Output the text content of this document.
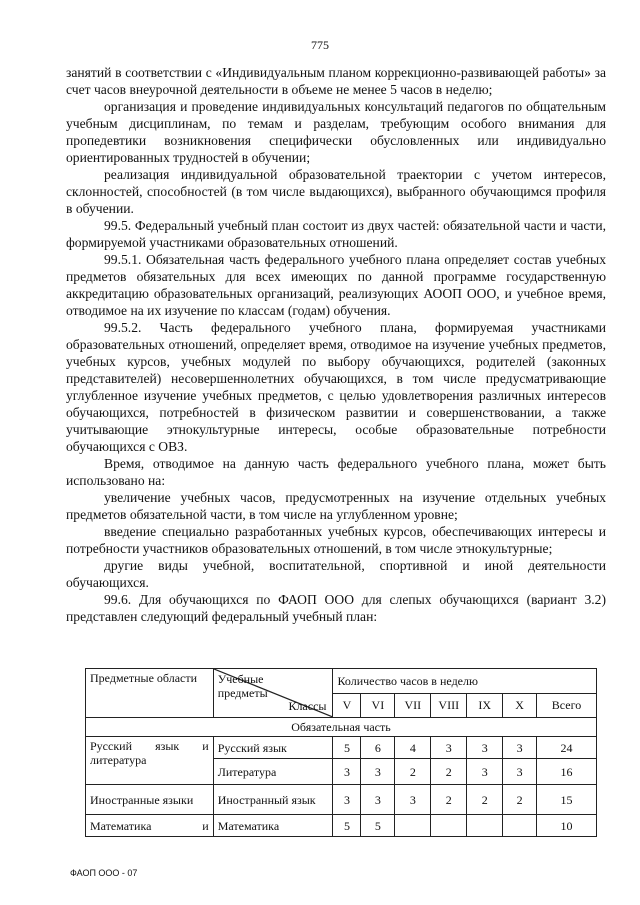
775

занятий в соответствии с «Индивидуальным планом коррекционно-развивающей работы» за счет часов внеурочной деятельности в объеме не менее 5 часов в неделю;

организация и проведение индивидуальных консультаций педагогов по общательным учебным дисциплинам, по темам и разделам, требующим особого внимания для пропедевтики возникновения специфически обусловленных или индивидуально ориентированных трудностей в обучении;

реализация индивидуальной образовательной траектории с учетом интересов, склонностей, способностей (в том числе выдающихся), выбранного обучающимся профиля в обучении.

99.5. Федеральный учебный план состоит из двух частей: обязательной части и части, формируемой участниками образовательных отношений.

99.5.1. Обязательная часть федерального учебного плана определяет состав учебных предметов обязательных для всех имеющих по данной программе государственную аккредитацию образовательных организаций, реализующих АООП ООО, и учебное время, отводимое на их изучение по классам (годам) обучения.

99.5.2. Часть федерального учебного плана, формируемая участниками образовательных отношений, определяет время, отводимое на изучение учебных предметов, учебных курсов, учебных модулей по выбору обучающихся, родителей (законных представителей) несовершеннолетних обучающихся, в том числе предусматривающие углубленное изучение учебных предметов, с целью удовлетворения различных интересов обучающихся, потребностей в физическом развитии и совершенствовании, а также учитывающие этнокультурные интересы, особые образовательные потребности обучающихся с ОВЗ.

Время, отводимое на данную часть федерального учебного плана, может быть использовано на:

увеличение учебных часов, предусмотренных на изучение отдельных учебных предметов обязательной части, в том числе на углубленном уровне;

введение специально разработанных учебных курсов, обеспечивающих интересы и потребности участников образовательных отношений, в том числе этнокультурные;

другие виды учебной, воспитательной, спортивной и иной деятельности обучающихся.

99.6. Для обучающихся по ФАОП ООО для слепых обучающихся (вариант 3.2) представлен следующий федеральный учебный план:

Предметные области	Учебные предметы
Классы	Количество часов в неделю						
		V	VI	VII	VIII	IX	X	Всего
Обязательная часть								
Русский язык и литература	Русский язык	5	6	4	3	3	3	24
	Литература	3	3	2	2	3	3	16
Иностранные языки	Иностранный язык	3	3	3	2	2	2	15
Математика и	Математика	5	5					10
ФАОП ООО - 07
